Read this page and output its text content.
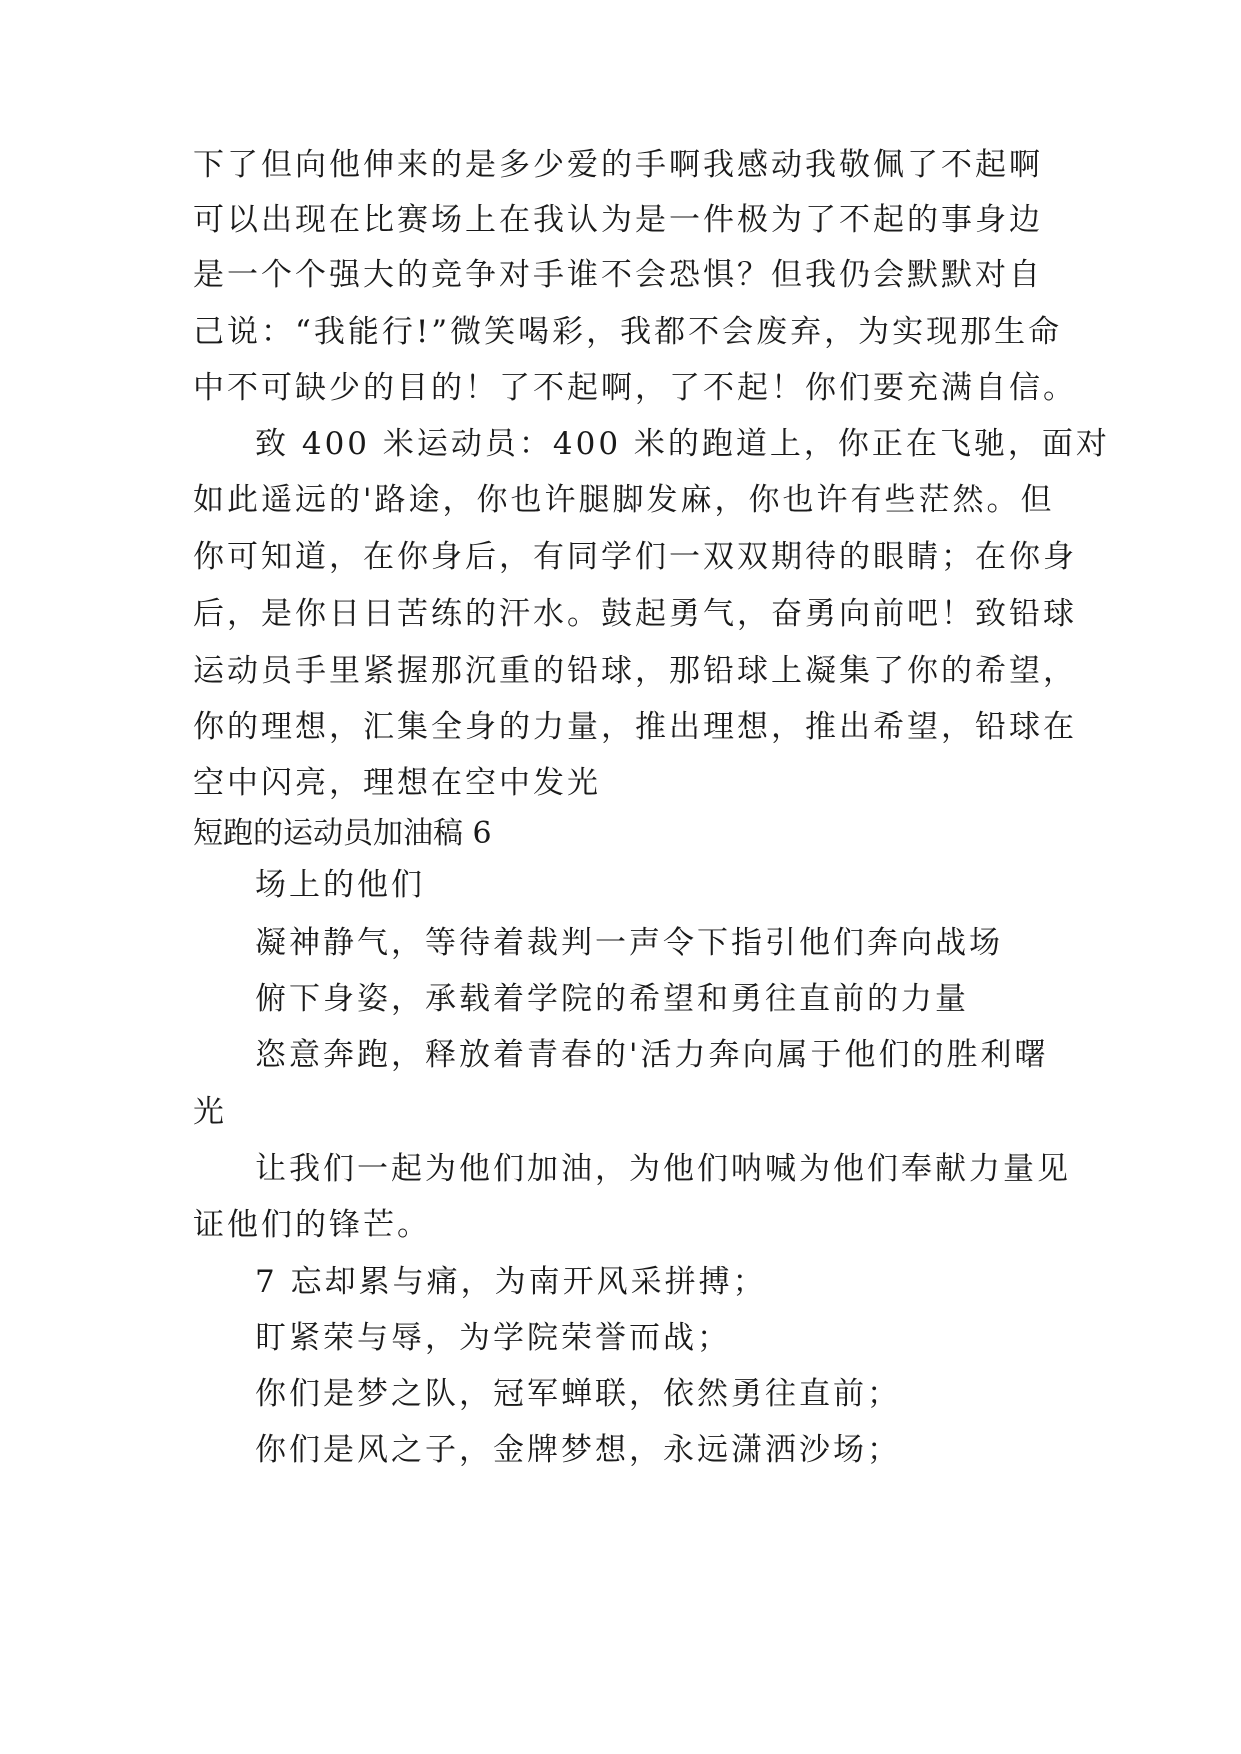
下了但向他伸来的是多少爱的手啊我感动我敬佩了不起啊
可以出现在比赛场上在我认为是一件极为了不起的事身边
是一个个强大的竞争对手谁不会恐惧？但我仍会默默对自
己说：“我能行!”微笑喝彩，我都不会废弃，为实现那生命
中不可缺少的目的！了不起啊，了不起！你们要充满自信。
致 400 米运动员：400 米的跑道上，你正在飞驰，面对
如此遥远的'路途，你也许腿脚发麻，你也许有些茫然。但
你可知道，在你身后，有同学们一双双期待的眼睛；在你身
后，是你日日苦练的汗水。鼓起勇气，奋勇向前吧！致铅球
运动员手里紧握那沉重的铅球，那铅球上凝集了你的希望，
你的理想，汇集全身的力量，推出理想，推出希望，铅球在
空中闪亮，理想在空中发光
短跑的运动员加油稿 6
场上的他们
凝神静气，等待着裁判一声令下指引他们奔向战场
俯下身姿，承载着学院的希望和勇往直前的力量
恣意奔跑，释放着青春的'活力奔向属于他们的胜利曙
光
让我们一起为他们加油，为他们呐喊为他们奉献力量见
证他们的锋芒。
7 忘却累与痛，为南开风采拼搏；
盯紧荣与辱，为学院荣誉而战；
你们是梦之队，冠军蝉联，依然勇往直前；
你们是风之子，金牌梦想，永远潇洒沙场；
